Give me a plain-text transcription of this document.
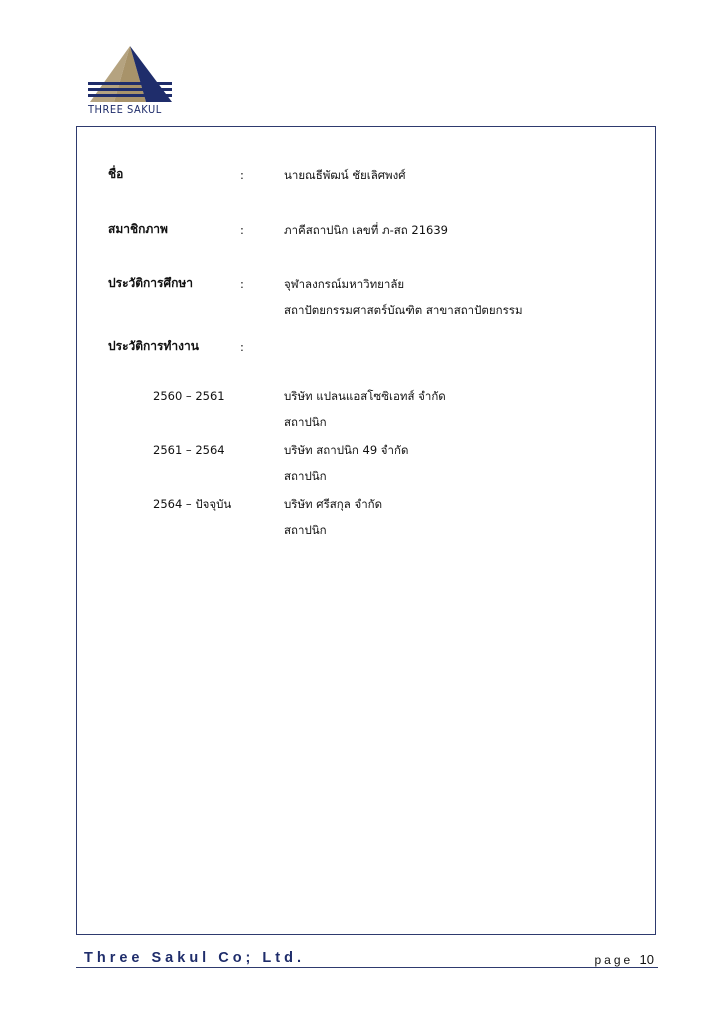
THREE SAKUL
ชื่อ	:	นายณธีพัฒน์ ชัยเลิศพงศ์
สมาชิกภาพ	:	ภาคีสถาปนิก เลขที่ ภ-สถ 21639
ประวัติการศึกษา	:	จุฬาลงกรณ์มหาวิทยาลัย
สถาปัตยกรรมศาสตร์บัณฑิต สาขาสถาปัตยกรรม
ประวัติการทำงาน	:
2560 – 2561	บริษัท แปลนแอสโซซิเอทส์ จำกัด
สถาปนิก
2561 – 2564	บริษัท สถาปนิก 49 จำกัด
สถาปนิก
2564 – ปัจจุบัน	บริษัท ศรีสกุล จำกัด
สถาปนิก
Three Sakul Co; Ltd.	page 10
